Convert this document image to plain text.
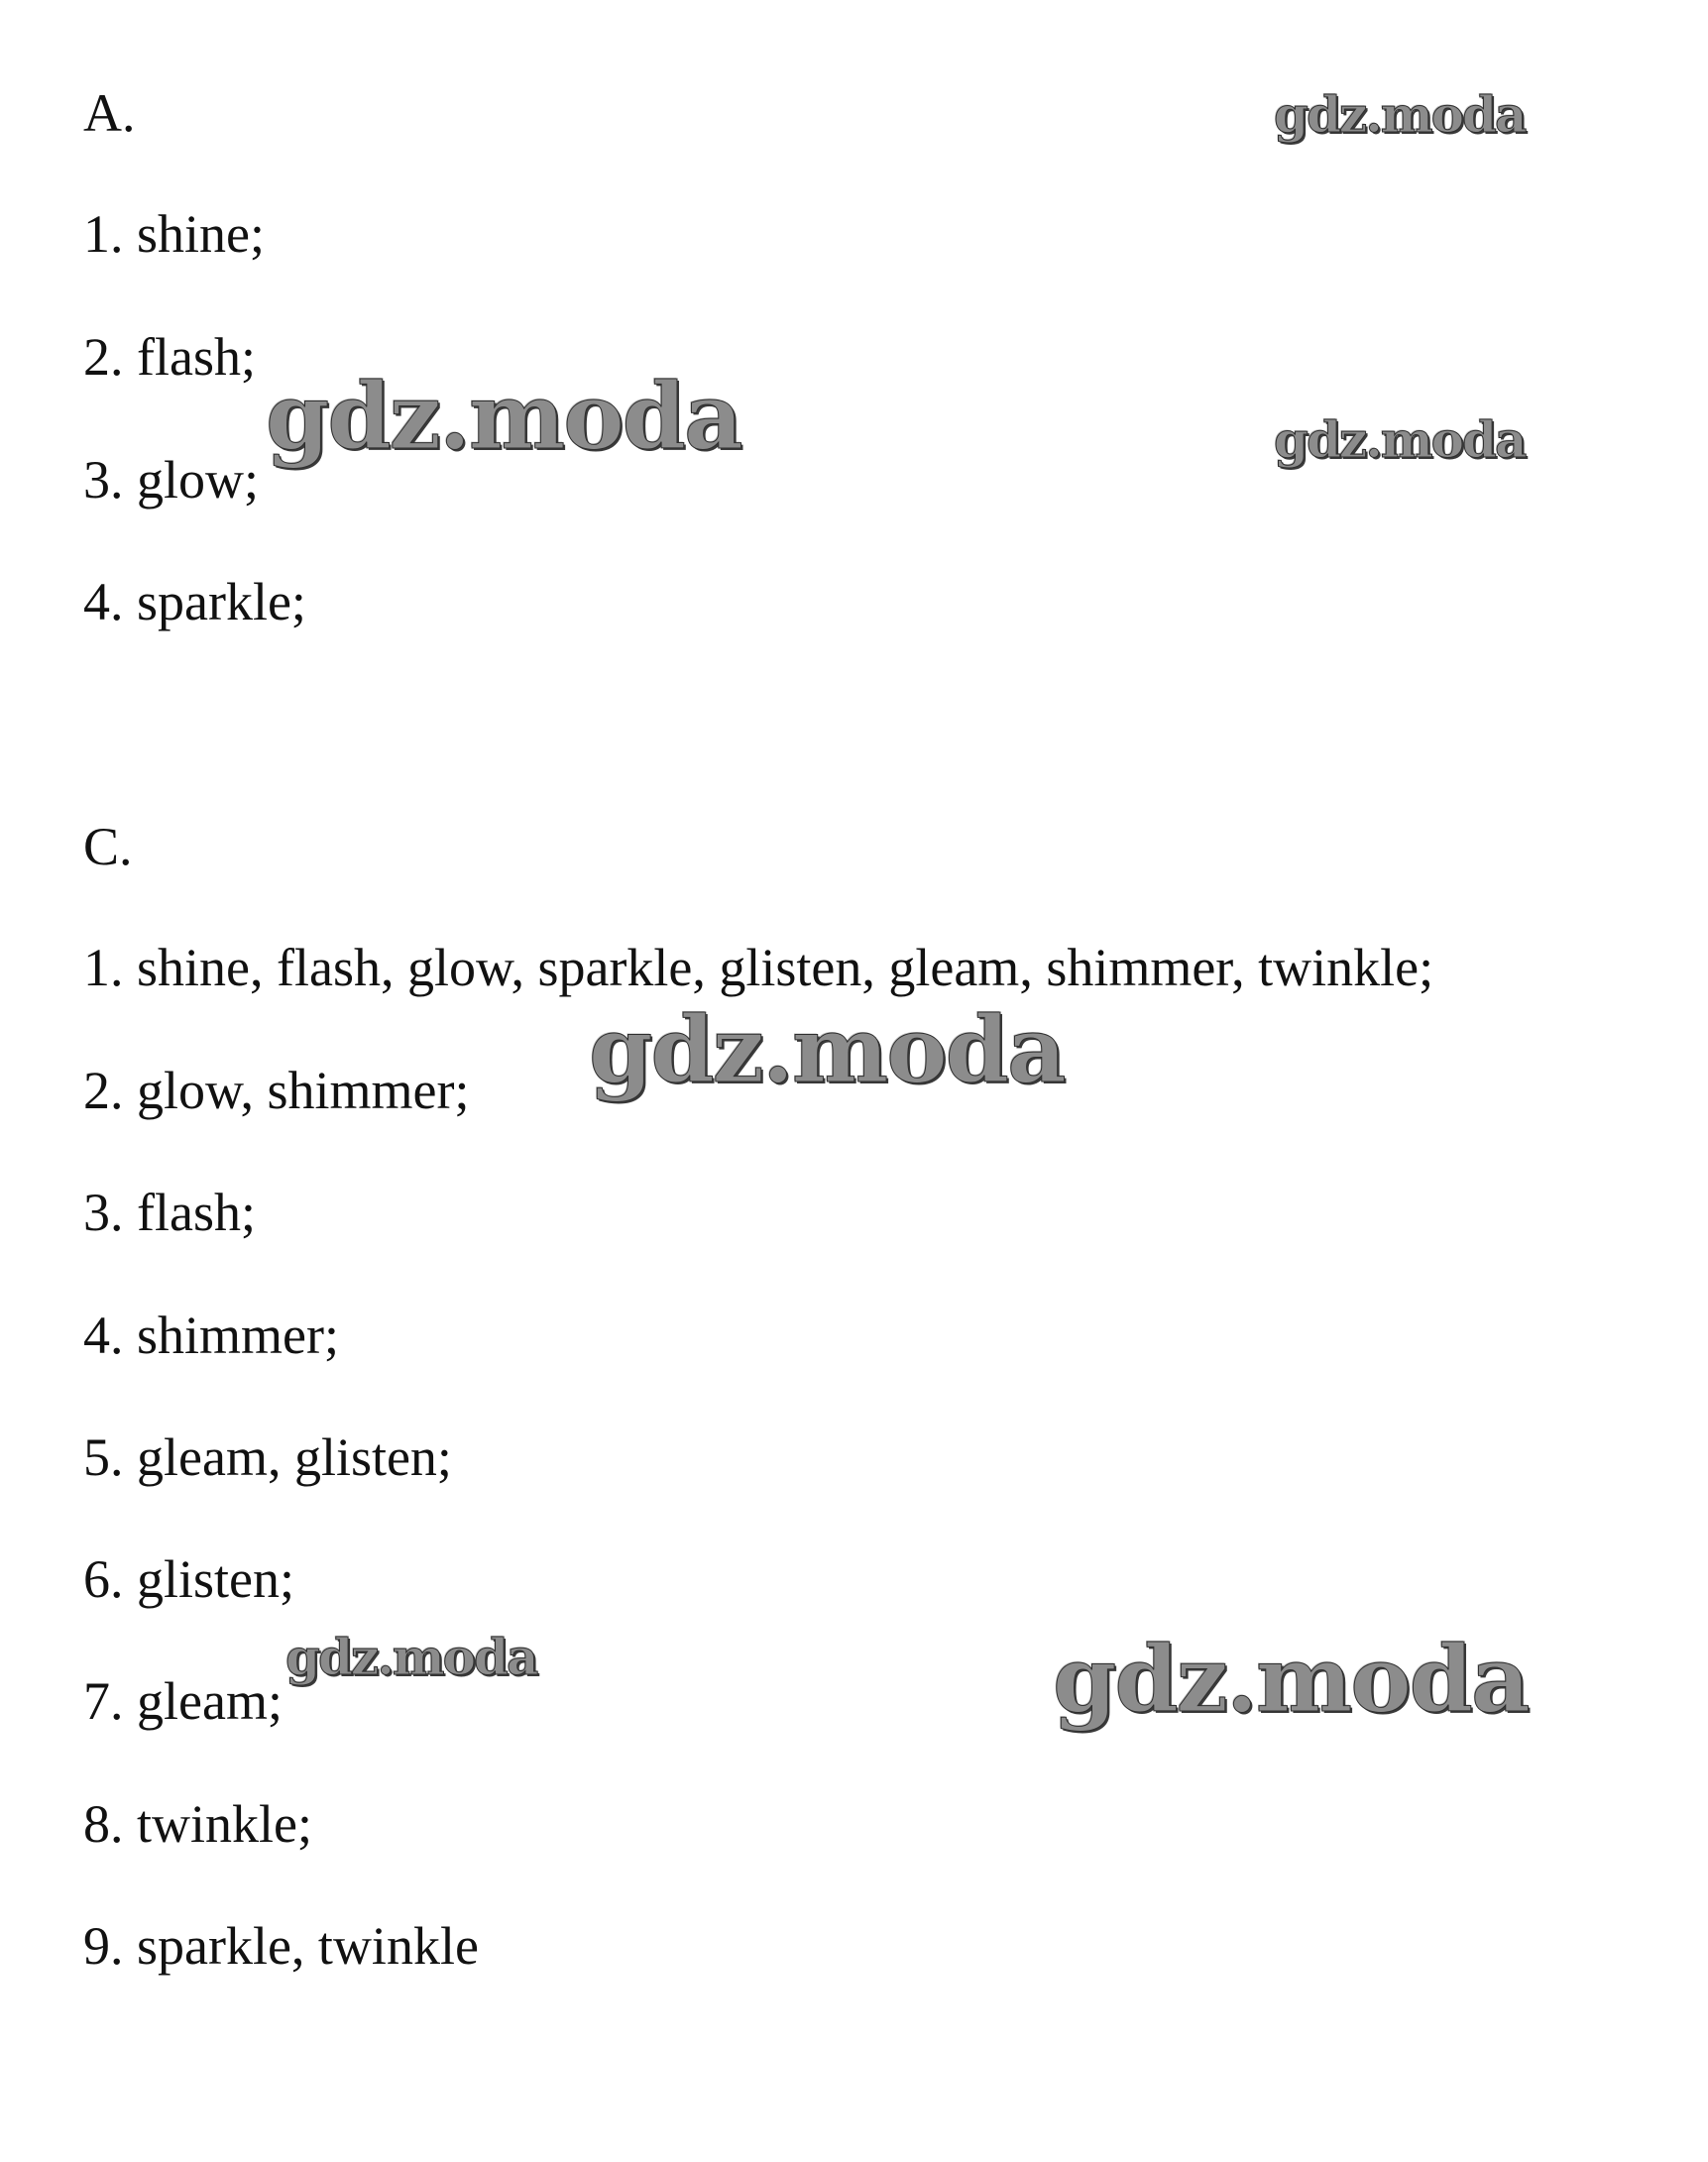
A.
1. shine;
2. flash;
3. glow;
4. sparkle;
C.
1. shine, flash, glow, sparkle, glisten, gleam, shimmer, twinkle;
2. glow, shimmer;
3. flash;
4. shimmer;
5. gleam, glisten;
6. glisten;
7. gleam;
8. twinkle;
9. sparkle, twinkle
gdz.moda
gdz.moda	gdz.moda
gdz.moda
gdz.moda	gdz.moda
